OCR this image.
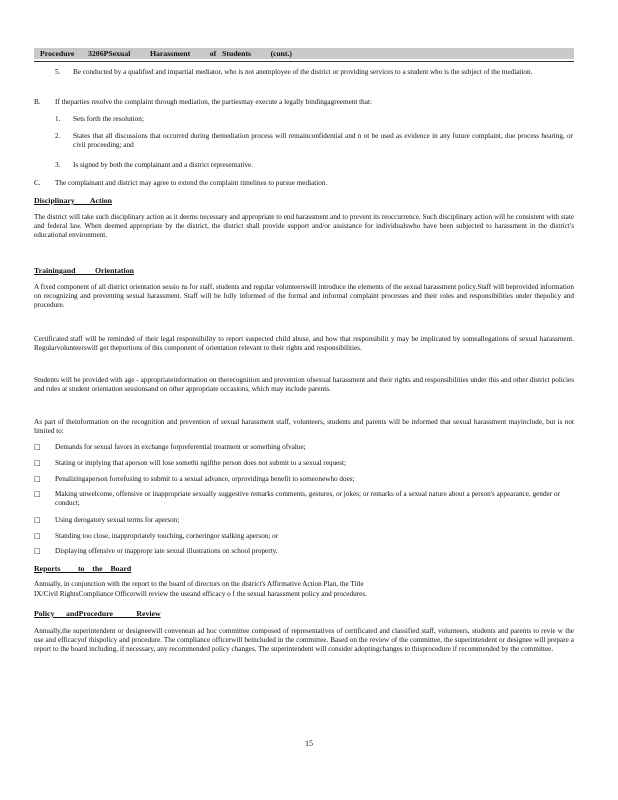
Procedure       3206PSexual          Harassment          of   Students          (cont.)
5. Be conducted by a qualified and impartial mediator, who is not anemployee of the district or providing services to a student who is the subject of the mediation.
B. If theparties resolve the complaint through mediation, the partiesmay execute a legally bindingagreement that:
1. Sets forth the resolution;
2. States that all discussions that occurred during themediation process will remainconfidential and n ot be used as evidence in any future complaint, due process hearing, or civil proceeding; and
3. Is signed by both the complainant and a district representative.
C. The complainant and district may agree to extend the complaint timelines to pursue mediation.
Disciplinary        Action
The district will take such disciplinary action as it deems necessary and appropriate to end harassment and to prevent its reoccurrence. Such disciplinary action will be consistent with state and federal law. When deemed appropriate by the district, the district shall provide support and/or assistance for individualswho have been subjected to harassment in the district's educational environment.
Trainingand          Orientation
A fixed component of all district orientation sessio ns for staff, students and regular volunteerswill introduce the elements of the sexual harassment policy.Staff will beprovided information on recognizing and preventing sexual harassment. Staff will be fully informed of the formal and informal complaint processes and their roles and responsibilities under thepolicy and procedure.
Certificated staff will be reminded of their legal responsibility to report suspected child abuse, and how that responsibilit y may be implicated by someallegations of sexual harassment. Regularvolunteerswill get theportions of this component of orientation relevant to their rights and responsibilities.
Students will be provided with age - appropriateinformation on therecognition and prevention ofsexual harassment and their rights and responsibilities under this and other district policies and rules at student orientation sessionsand on other appropriate occasions, which may include parents.
As part of theinformation on the recognition and prevention of sexual harassment staff, volunteers, students and parents will be informed that sexual harassment mayinclude, but is not limited to:
□ Demands for sexual favors in exchange forpreferential treatment or something ofvalue;
□ Stating or implying that aperson will lose somethi ngifthe person does not submit to a sexual request;
□ Penalizingaperson forrefusing to submit to a sexual advance, orprovidinga benefit to someonewho does;
□ Making unwelcome, offensive or inappropriate sexually suggestive remarks comments, gestures, or jokes; or remarks of a sexual nature about a person's appearance, gender or conduct;
□ Using derogatory sexual terms for aperson;
□ Standing too close, inappropriately touching, corneringor stalking aperson; or
□ Displaying offensive or inappropr iate sexual illustrations on school property.
Reports         to    the    Board
Annually, in conjunction with the report to the board of directors on the district's Affirmative Action Plan, the Title
IX/Civil RightsCompliance Officerwill review the useand efficacy o f the sexual harassment policy and procedures.
Policy      andProcedure            Review
Annually,the superintendent or designeewill convenean ad hoc committee composed of representatives of certificated and classified staff, volunteers, students and parents to revie w the use and efficacyof thispolicy and procedure. The compliance officerwill beincluded in the committee. Based on the review of the committee, the superintendent or designee will prepare a report to the board including, if necessary, any recommended policy changes. The superintendent will consider adoptingchanges to thisprocedure if recommended by the committee.
15
